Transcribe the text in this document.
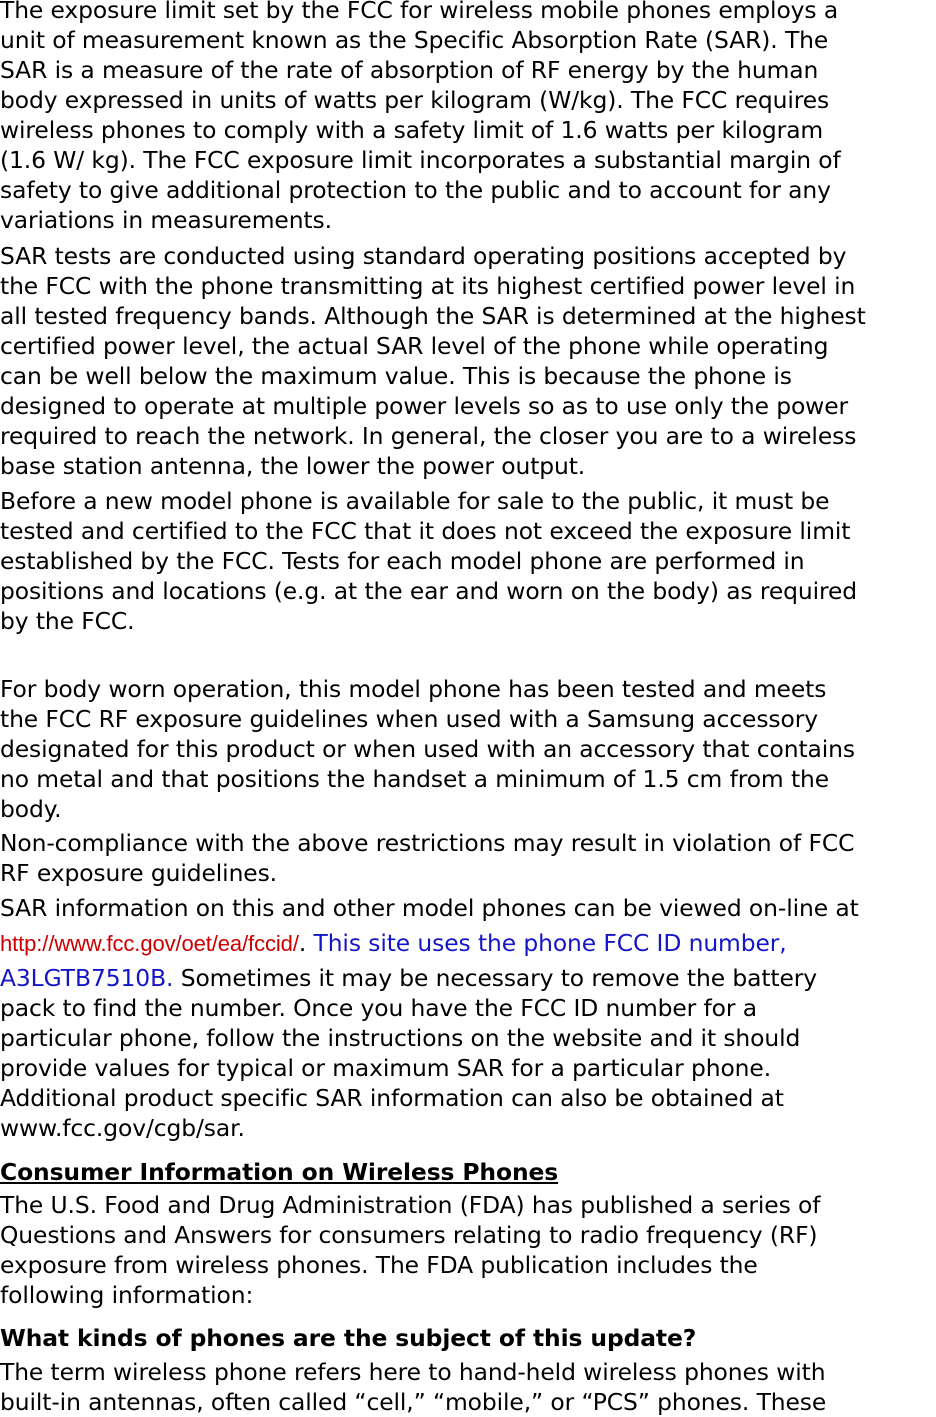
The exposure limit set by the FCC for wireless mobile phones employs a
unit of measurement known as the Specific Absorption Rate (SAR). The
SAR is a measure of the rate of absorption of RF energy by the human
body expressed in units of watts per kilogram (W/kg). The FCC requires
wireless phones to comply with a safety limit of 1.6 watts per kilogram
(1.6 W/ kg). The FCC exposure limit incorporates a substantial margin of
safety to give additional protection to the public and to account for any
variations in measurements.
SAR tests are conducted using standard operating positions accepted by
the FCC with the phone transmitting at its highest certified power level in
all tested frequency bands. Although the SAR is determined at the highest
certified power level, the actual SAR level of the phone while operating
can be well below the maximum value. This is because the phone is
designed to operate at multiple power levels so as to use only the power
required to reach the network. In general, the closer you are to a wireless
base station antenna, the lower the power output.
Before a new model phone is available for sale to the public, it must be
tested and certified to the FCC that it does not exceed the exposure limit
established by the FCC. Tests for each model phone are performed in
positions and locations (e.g. at the ear and worn on the body) as required
by the FCC.
For body worn operation, this model phone has been tested and meets
the FCC RF exposure guidelines when used with a Samsung accessory
designated for this product or when used with an accessory that contains
no metal and that positions the handset a minimum of 1.5 cm from the
body.
Non-compliance with the above restrictions may result in violation of FCC
RF exposure guidelines.
SAR information on this and other model phones can be viewed on-line at
http://www.fcc.gov/oet/ea/fccid/. This site uses the phone FCC ID number,
A3LGTB7510B. Sometimes it may be necessary to remove the battery
pack to find the number. Once you have the FCC ID number for a
particular phone, follow the instructions on the website and it should
provide values for typical or maximum SAR for a particular phone.
Additional product specific SAR information can also be obtained at
www.fcc.gov/cgb/sar.
Consumer Information on Wireless Phones
The U.S. Food and Drug Administration (FDA) has published a series of
Questions and Answers for consumers relating to radio frequency (RF)
exposure from wireless phones. The FDA publication includes the
following information:
What kinds of phones are the subject of this update?
The term wireless phone refers here to hand-held wireless phones with
built-in antennas, often called “cell,” “mobile,” or “PCS” phones. These
